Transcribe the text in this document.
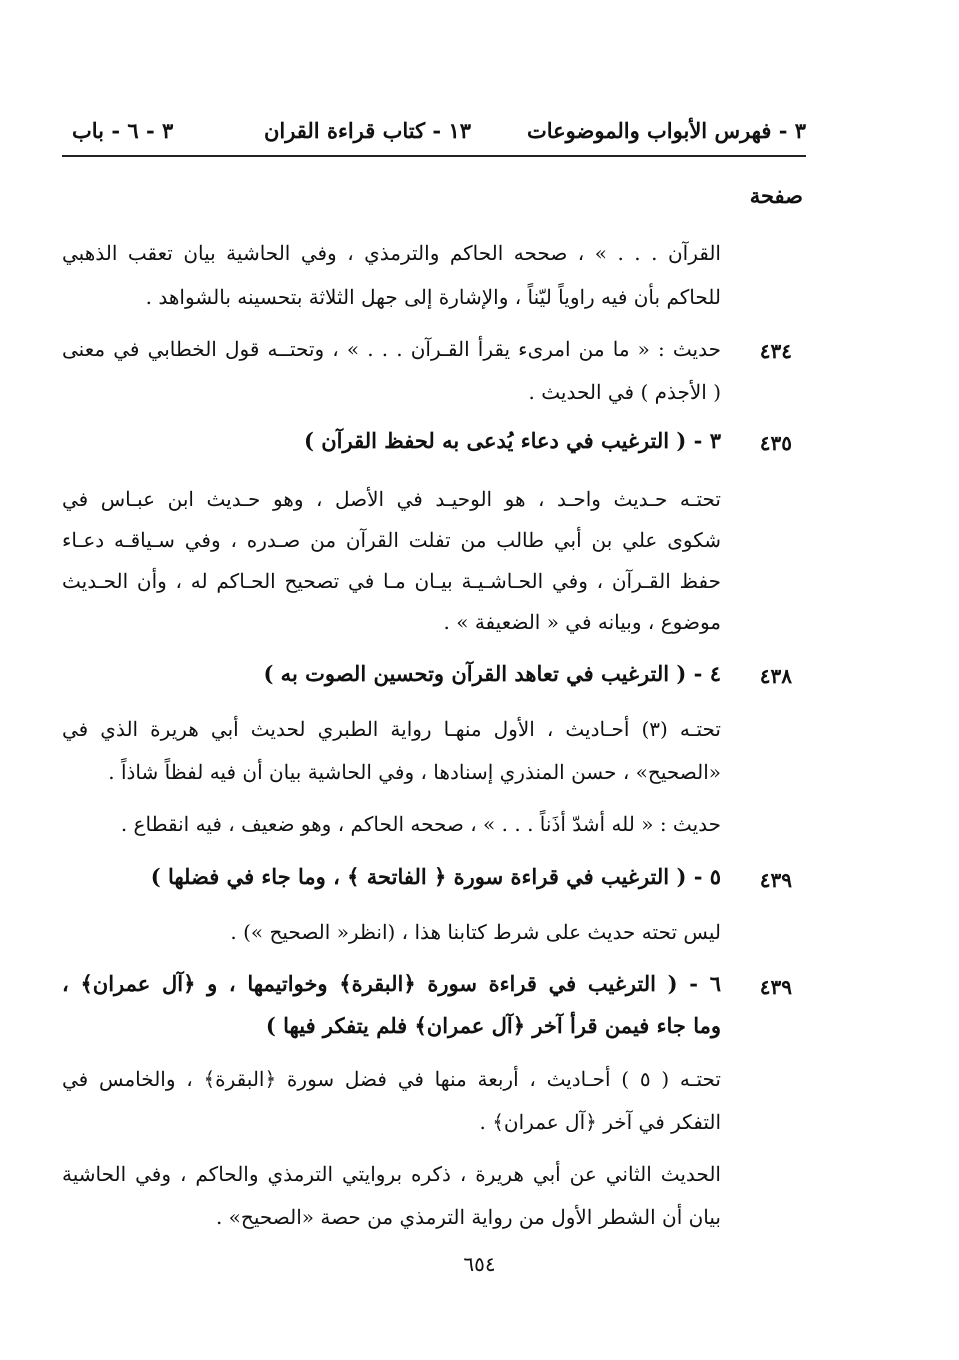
٣ - فهرس الأبواب والموضوعات
١٣ - كتاب قراءة القران
٣ - ٦ - باب
صفحة
القرآن . . . » ، صححه الحاكم والترمذي ، وفي الحاشية بيان تعقب الذهبي
للحاكم بأن فيه راوياً ليّناً ، والإشارة إلى جهل الثلاثة بتحسينه بالشواهد .
٤٣٤
حديث : « ما من امرىء يقرأ القـرآن . . . » ، وتحتــه قول الخطابي في معنى
( الأجذم ) في الحديث .
٤٣٥
٣ - ( الترغيب في دعاء يُدعى به لحفظ القرآن )
تحتـه حـديث واحـد ، هو الوحيـد في الأصل ، وهو حـديث ابن عبـاس في
شكوى علي بن أبي طالب من تفلت القرآن من صـدره ، وفي سـياقـه دعـاء
حفظ القـرآن ، وفي الحـاشـيـة بيـان مـا في تصحيح الحـاكم له ، وأن الحـديث
موضوع ، وبيانه في « الضعيفة » .
٤٣٨
٤ - ( الترغيب في تعاهد القرآن وتحسين الصوت به )
تحتـه (٣) أحـاديث ، الأول منهـا رواية الطبري لحديث أبي هريرة الذي في
«الصحيح» ، حسن المنذري إسنادها ، وفي الحاشية بيان أن فيه لفظاً شاذاً .
حديث : « لله أشدّ أذَناً . . . » ، صححه الحاكم ، وهو ضعيف ، فيه انقطاع .
٤٣٩
٥ - ( الترغيب في قراءة سورة ﴿ الفاتحة ﴾ ، وما جاء في فضلها )
ليس تحته حديث على شرط كتابنا هذا ، (انظر« الصحيح ») .
٤٣٩
٦ - ( الترغيب في قراءة سورة ﴿البقرة﴾ وخواتيمها ، و ﴿آل عمران﴾ ،
وما جاء فيمن قرأ آخر ﴿آل عمران﴾ فلم يتفكر فيها )
تحتـه ( ٥ ) أحـاديث ، أربعة منها في فضل سورة ﴿البقرة﴾ ، والخامس في
التفكر في آخر ﴿آل عمران﴾ .
الحديث الثاني عن أبي هريرة ، ذكره بروايتي الترمذي والحاكم ، وفي الحاشية
بيان أن الشطر الأول من رواية الترمذي من حصة «الصحيح» .
٦٥٤
